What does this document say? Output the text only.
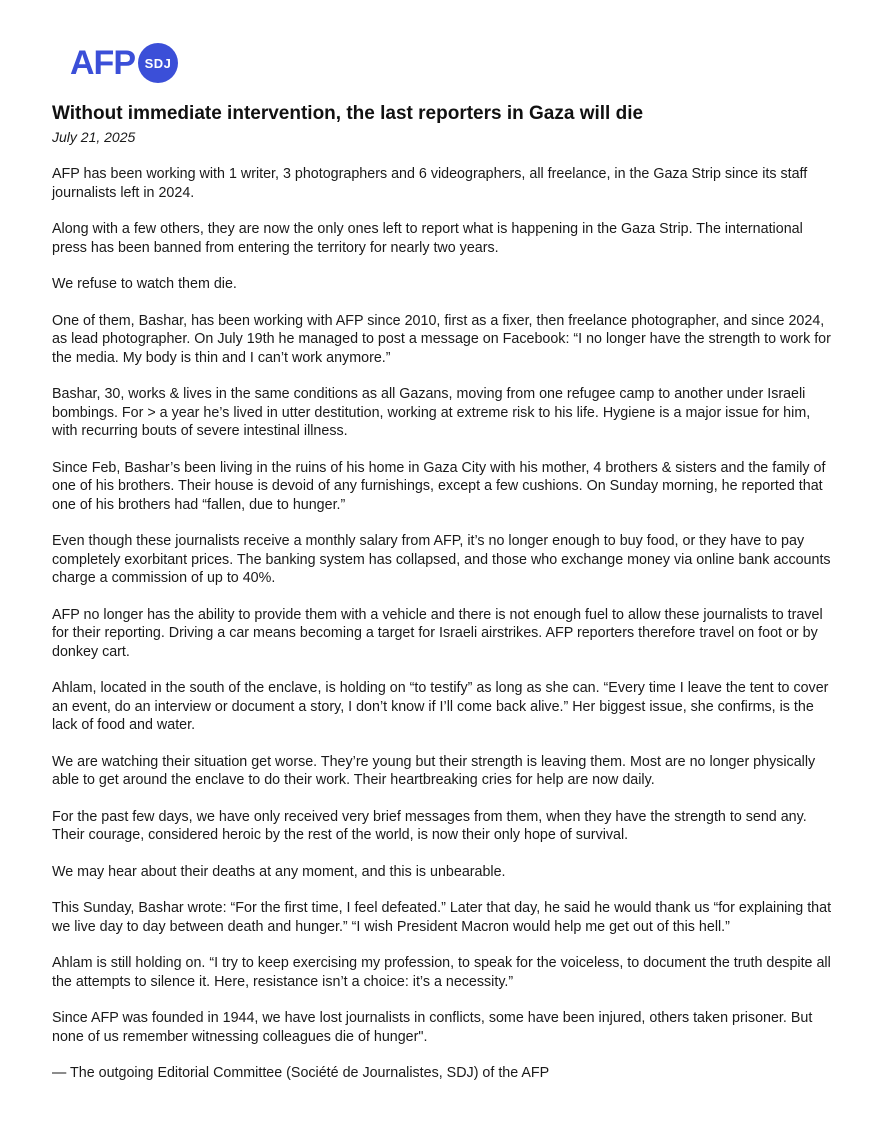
AFP SDJ
Without immediate intervention, the last reporters in Gaza will die

July 21, 2025

AFP has been working with 1 writer, 3 photographers and 6 videographers, all freelance, in the Gaza Strip since its staff journalists left in 2024.

Along with a few others, they are now the only ones left to report what is happening in the Gaza Strip. The international press has been banned from entering the territory for nearly two years.

We refuse to watch them die.

One of them, Bashar, has been working with AFP since 2010, first as a fixer, then freelance photographer, and since 2024, as lead photographer. On July 19th he managed to post a message on Facebook: “I no longer have the strength to work for the media. My body is thin and I can’t work anymore.”

Bashar, 30, works & lives in the same conditions as all Gazans, moving from one refugee camp to another under Israeli bombings. For > a year he’s lived in utter destitution, working at extreme risk to his life. Hygiene is a major issue for him, with recurring bouts of severe intestinal illness.

Since Feb, Bashar’s been living in the ruins of his home in Gaza City with his mother, 4 brothers & sisters and the family of one of his brothers. Their house is devoid of any furnishings, except a few cushions. On Sunday morning, he reported that one of his brothers had “fallen, due to hunger.”

Even though these journalists receive a monthly salary from AFP, it’s no longer enough to buy food, or they have to pay completely exorbitant prices. The banking system has collapsed, and those who exchange money via online bank accounts charge a commission of up to 40%.

AFP no longer has the ability to provide them with a vehicle and there is not enough fuel to allow these journalists to travel for their reporting. Driving a car means becoming a target for Israeli airstrikes. AFP reporters therefore travel on foot or by donkey cart.

Ahlam, located in the south of the enclave, is holding on “to testify” as long as she can. “Every time I leave the tent to cover an event, do an interview or document a story, I don’t know if I’ll come back alive.” Her biggest issue, she confirms, is the lack of food and water.

We are watching their situation get worse. They’re young but their strength is leaving them. Most are no longer physically able to get around the enclave to do their work. Their heartbreaking cries for help are now daily.

For the past few days, we have only received very brief messages from them, when they have the strength to send any. Their courage, considered heroic by the rest of the world, is now their only hope of survival.

We may hear about their deaths at any moment, and this is unbearable.

This Sunday, Bashar wrote: “For the first time, I feel defeated.” Later that day, he said he would thank us “for explaining that we live day to day between death and hunger.” “I wish President Macron would help me get out of this hell.”

Ahlam is still holding on. “I try to keep exercising my profession, to speak for the voiceless, to document the truth despite all the attempts to silence it. Here, resistance isn’t a choice: it’s a necessity.”

Since AFP was founded in 1944, we have lost journalists in conflicts, some have been injured, others taken prisoner. But none of us remember witnessing colleagues die of hunger".

— The outgoing Editorial Committee (Société de Journalistes, SDJ) of the AFP
